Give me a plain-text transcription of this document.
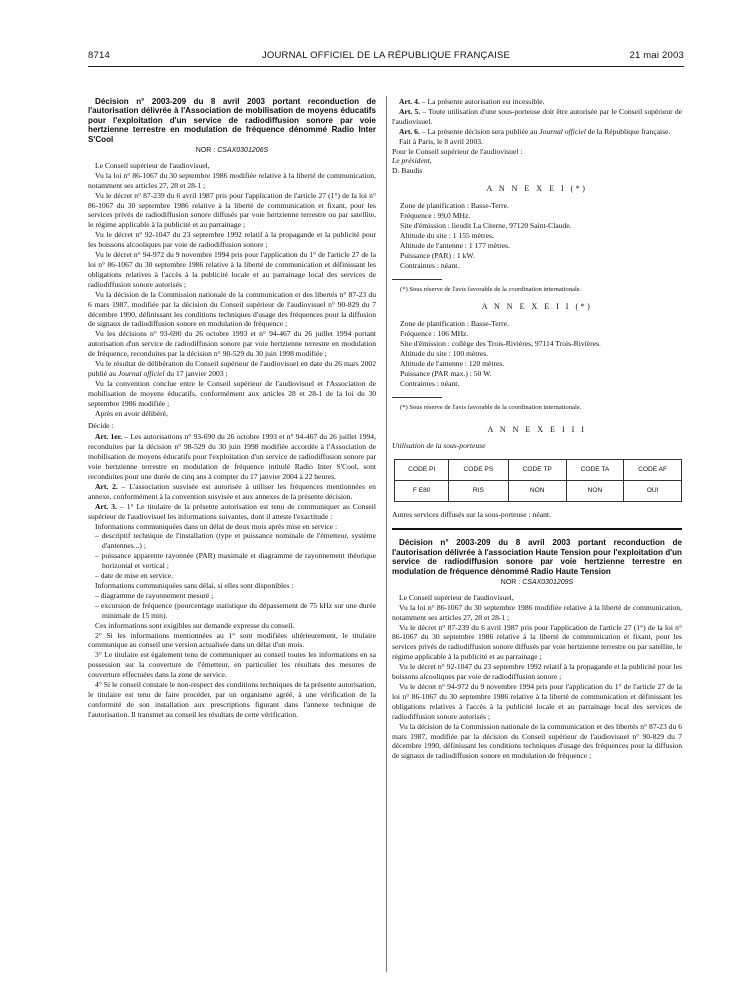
8714	JOURNAL OFFICIEL DE LA RÉPUBLIQUE FRANÇAISE	21 mai 2003

Décision n° 2003-209 du 8 avril 2003 portant reconduction de l'autorisation délivrée à l'Association de mobilisation de moyens éducatifs pour l'exploitation d'un service de radiodiffusion sonore par voie hertzienne terrestre en modulation de fréquence dénommé Radio Inter S'Cool

NOR : CSAX0301206S

Le Conseil supérieur de l'audiovisuel,

Vu la loi n° 86-1067 du 30 septembre 1986 modifiée relative à la liberté de communication, notamment ses articles 27, 28 et 28-1 ;

Vu le décret n° 87-239 du 6 avril 1987 pris pour l'application de l'article 27 (1°) de la loi n° 86-1067 du 30 septembre 1986 relative à la liberté de communication et fixant, pour les services privés de radiodiffusion sonore diffusés par voie hertzienne terrestre ou par satellite, le régime applicable à la publicité et au parrainage ;

Vu le décret n° 92-1047 du 23 septembre 1992 relatif à la propagande et la publicité pour les boissons alcooliques par voie de radiodiffusion sonore ;

Vu le décret n° 94-972 du 9 novembre 1994 pris pour l'application du 1° de l'article 27 de la loi n° 86-1067 du 30 septembre 1986 relative à la liberté de communication et définissant les obligations relatives à l'accès à la publicité locale et au parrainage local des services de radiodiffusion sonore autorisés ;

Vu la décision de la Commission nationale de la communication et des libertés n° 87-23 du 6 mars 1987, modifiée par la décision du Conseil supérieur de l'audiovisuel n° 90-829 du 7 décembre 1990, définissant les conditions techniques d'usage des fréquences pour la diffusion de signaux de radiodiffusion sonore en modulation de fréquence ;

Vu les décisions n° 93-690 du 26 octobre 1993 et n° 94-467 du 26 juillet 1994 portant autorisation d'un service de radiodiffusion sonore par voie hertzienne terrestre en modulation de fréquence, reconduites par la décision n° 98-529 du 30 juin 1998 modifiée ;

Vu le résultat de délibération du Conseil supérieur de l'audiovisuel en date du 26 mars 2002 publié au Journal officiel du 17 janvier 2003 ;

Vu la convention conclue entre le Conseil supérieur de l'audiovisuel et l'Association de mobilisation de moyens éducatifs, conformément aux articles 28 et 28-1 de la loi du 30 septembre 1986 modifiée ;

Après en avoir délibéré,

Décide :

Art. 1er. – Les autorisations n° 93-690 du 26 octobre 1993 et n° 94-467 du 26 juillet 1994, reconduites par la décision n° 98-529 du 30 juin 1998 modifiée accordée à l'Association de mobilisation de moyens éducatifs pour l'exploitation d'un service de radiodiffusion sonore par voie hertzienne terrestre en modulation de fréquence intitulé Radio Inter S'Cool, sont reconduites pour une durée de cinq ans à compter du 17 janvier 2004 à 22 heures.

Art. 2. – L'association susvisée est autorisée à utiliser les fréquences mentionnées en annexe, conformément à la convention susvisée et aux annexes de la présente décision.

Art. 3. – 1° Le titulaire de la présente autorisation est tenu de communiquer au Conseil supérieur de l'audiovisuel les informations suivantes, dont il atteste l'exactitude :

Informations communiquées dans un délai de deux mois après mise en service :

– descriptif technique de l'installation (type et puissance nominale de l'émetteur, système d'antennes...) ;

– puissance apparente rayonnée (PAR) maximale et diagramme de rayonnement théorique horizontal et vertical ;

– date de mise en service.

Informations communiquées sans délai, si elles sont disponibles :

– diagramme de rayonnement mesuré ;

– excursion de fréquence (pourcentage statistique du dépassement de 75 kHz sur une durée minimale de 15 min).

Ces informations sont exigibles sur demande expresse du conseil.

2° Si les informations mentionnées au 1° sont modifiées ultérieurement, le titulaire communique au conseil une version actualisée dans un délai d'un mois.

3° Le titulaire est également tenu de communiquer au conseil toutes les informations en sa possession sur la couverture de l'émetteur, en particulier les résultats des mesures de couverture effectuées dans la zone de service.

4° Si le conseil constate le non-respect des conditions techniques de la présente autorisation, le titulaire est tenu de faire procéder, par un organisme agréé, à une vérification de la conformité de son installation aux prescriptions figurant dans l'annexe technique de l'autorisation. Il transmet au conseil les résultats de cette vérification.

Art. 4. – La présente autorisation est incessible.

Art. 5. – Toute utilisation d'une sous-porteuse doit être autorisée par le Conseil supérieur de l'audiovisuel.

Art. 6. – La présente décision sera publiée au Journal officiel de la République française.

Fait à Paris, le 8 avril 2003.

Pour le Conseil supérieur de l'audiovisuel :

Le président,

D. Baudis

A N N E X E I (*)

Zone de planification : Basse-Terre.

Fréquence : 99,0 MHz.

Site d'émission : lieudit La Citerne, 97120 Saint-Claude.

Altitude du site : 1 155 mètres.

Altitude de l'antenne : 1 177 mètres.

Puissance (PAR) : 1 kW.

Contraintes : néant.

(*) Sous réserve de l'avis favorable de la coordination internationale.

A N N E X E I I (*)

Zone de planification : Basse-Terre.

Fréquence : 106 MHz.

Site d'émission : collège des Trois-Rivières, 97114 Trois-Rivières.

Altitude du site : 100 mètres.

Altitude de l'antenne : 120 mètres.

Puissance (PAR max.) : 50 W.

Contraintes : néant.

(*) Sous réserve de l'avis favorable de la coordination internationale.

A N N E X E I I I

Utilisation de la sous-porteuse

CODE PI	CODE PS	CODE TP	CODE TA	CODE AF
F E80	RIS	NON	NON	OUI

Autres services diffusés sur la sous-porteuse : néant.

Décision n° 2003-209 du 8 avril 2003 portant reconduction de l'autorisation délivrée à l'association Haute Tension pour l'exploitation d'un service de radiodiffusion sonore par voie hertzienne terrestre en modulation de fréquence dénommé Radio Haute Tension

NOR : CSAX0301209S

Le Conseil supérieur de l'audiovisuel,

Vu la loi n° 86-1067 du 30 septembre 1986 modifiée relative à la liberté de communication, notamment ses articles 27, 28 et 28-1 ;

Vu le décret n° 87-239 du 6 avril 1987 pris pour l'application de l'article 27 (1°) de la loi n° 86-1067 du 30 septembre 1986 relative à la liberté de communication et fixant, pour les services privés de radiodiffusion sonore diffusés par voie hertzienne terrestre ou par satellite, le régime applicable à la publicité et au parrainage ;

Vu le décret n° 92-1047 du 23 septembre 1992 relatif à la propagande et la publicité pour les boissons alcooliques par voie de radiodiffusion sonore ;

Vu le décret n° 94-972 du 9 novembre 1994 pris pour l'application du 1° de l'article 27 de la loi n° 86-1067 du 30 septembre 1986 relative à la liberté de communication et définissant les obligations relatives à l'accès à la publicité locale et au parrainage local des services de radiodiffusion sonore autorisés ;

Vu la décision de la Commission nationale de la communication et des libertés n° 87-23 du 6 mars 1987, modifiée par la décision du Conseil supérieur de l'audiovisuel n° 90-829 du 7 décembre 1990, définissant les conditions techniques d'usage des fréquences pour la diffusion de signaux de radiodiffusion sonore en modulation de fréquence ;
